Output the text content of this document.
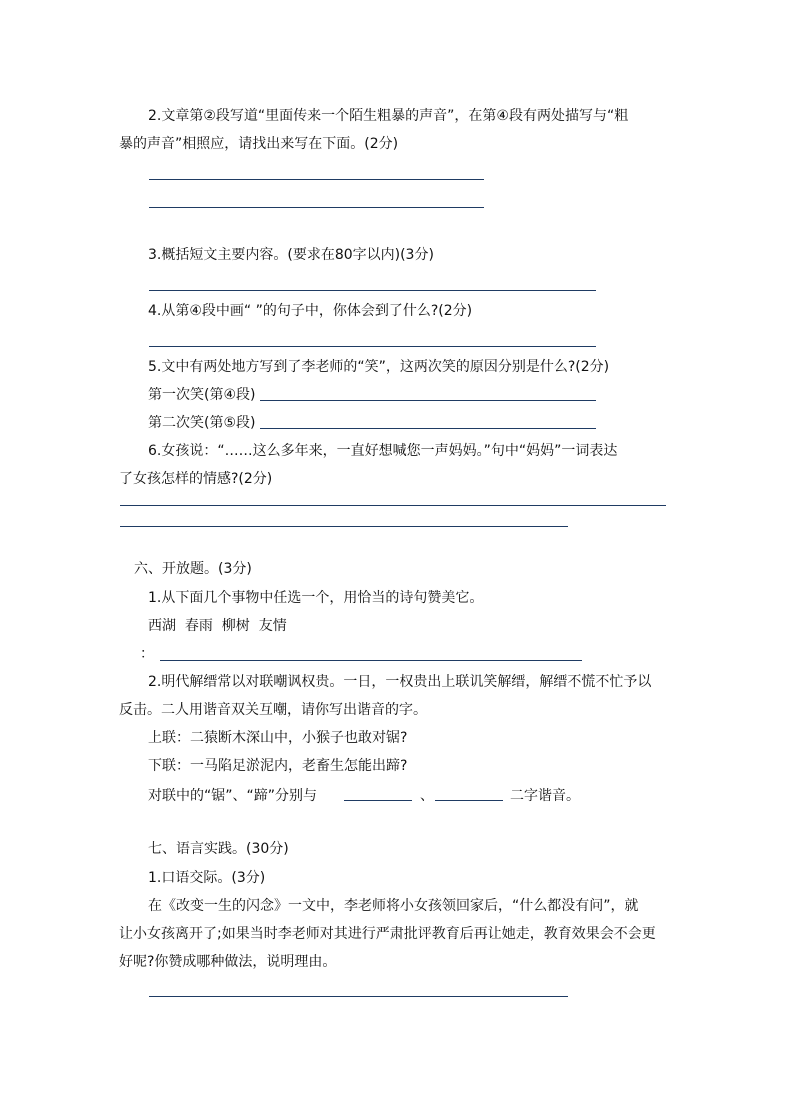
2.文章第②段写道“里面传来一个陌生粗暴的声音”，在第④段有两处描写与“粗
暴的声音”相照应，请找出来写在下面。(2分)
3.概括短文主要内容。(要求在80字以内)(3分)
4.从第④段中画“ ”的句子中，你体会到了什么?(2分)
5.文中有两处地方写到了李老师的“笑”，这两次笑的原因分别是什么?(2分)
第一次笑(第④段)
第二次笑(第⑤段)
6.女孩说：“……这么多年来，一直好想喊您一声妈妈。”句中“妈妈”一词表达
了女孩怎样的情感?(2分)
六、开放题。(3分)
1.从下面几个事物中任选一个，用恰当的诗句赞美它。
西湖  春雨  柳树  友情
：
2.明代解缙常以对联嘲讽权贵。一日，一权贵出上联讥笑解缙，解缙不慌不忙予以
反击。二人用谐音双关互嘲，请你写出谐音的字。
上联：二猿断木深山中，小猴子也敢对锯?
下联：一马陷足淤泥内，老畜生怎能出蹄?
对联中的“锯”、“蹄”分别与	、	二字谐音。
七、语言实践。(30分)
1.口语交际。(3分)
在《改变一生的闪念》一文中，李老师将小女孩领回家后，“什么都没有问”，就
让小女孩离开了;如果当时李老师对其进行严肃批评教育后再让她走，教育效果会不会更
好呢?你赞成哪种做法，说明理由。
